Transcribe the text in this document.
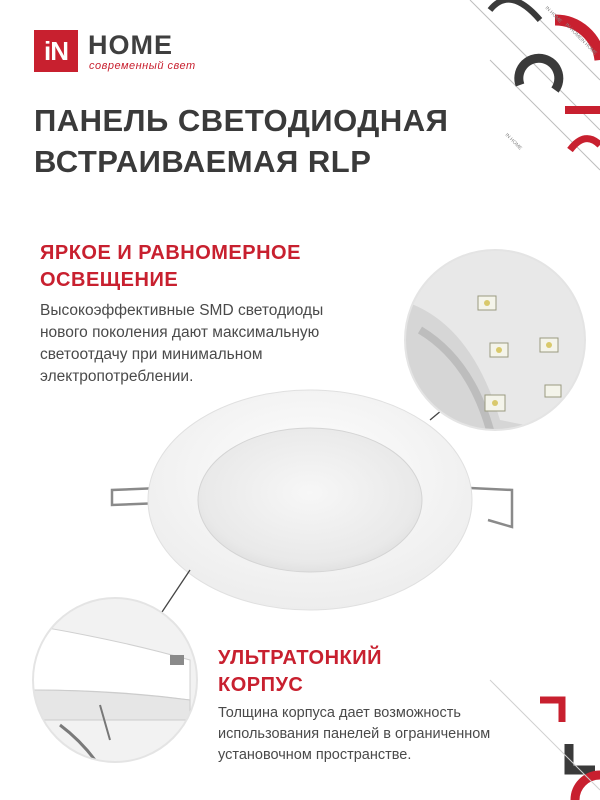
IN HOME
IN HOME
IN HOME
IN HOME
iN HOME
современный свет
ПАНЕЛЬ СВЕТОДИОДНАЯ
ВСТРАИВАЕМАЯ RLP
ЯРКОЕ И РАВНОМЕРНОЕ
ОСВЕЩЕНИЕ

Высокоэффективные SMD светодиоды
нового поколения дают максимальную
светоотдачу при минимальном
электропотреблении.

УЛЬТРАТОНКИЙ
КОРПУС

Толщина корпуса дает возможность
использования панелей в ограниченном
установочном пространстве.
